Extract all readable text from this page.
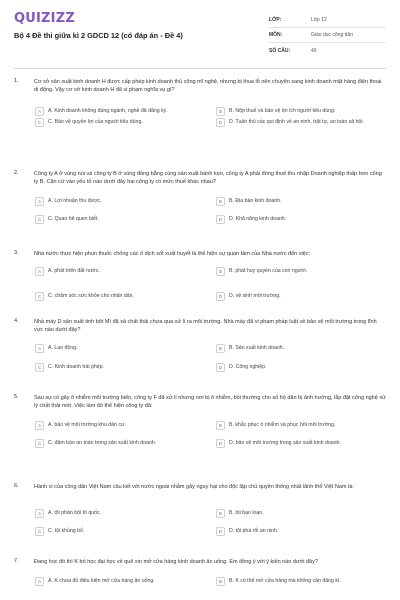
QUIZIZZ
Bộ 4 Đề thi giữa kì 2 GDCD 12 (có đáp án - Đề 4)
LỚP:	Lớp 12
MÔN:	Giáo dục công dân
SỐ CÂU:	40
1.	Cơ sở sản xuất kinh doanh H được cấp phép kinh doanh thủ công mĩ nghệ, nhưng bị thua lỗ nên chuyển sang kinh doanh mặt hàng điện thoại di động. Vậy cơ sở kinh doanh H đã vi phạm nghĩa vụ gì?
A	A. Kinh doanh không đúng ngành, nghề đã đăng ký.	B	B. Nộp thuế và bảo vệ lợi ích người tiêu dùng.
C	C. Bảo vệ quyền lợi của người tiêu dùng.	D	D. Tuân thủ các qui định về an ninh, trật tự, an toàn xã hội.
2.	Công ty A ở vùng núi và công ty B ở vùng đồng bằng cùng sản xuất bánh kẹo, công ty A phải đóng thuế thu nhập Doanh nghiệp thấp hơn công ty B. Căn cứ vào yếu tố nào dưới đây hai công ty có mức thuế khác nhau?
A	A. Lợi nhuận thu được.	B	B. Địa bàn kinh doanh.
C	C. Quan hệ quen biết.	D	D. Khả năng kinh doanh.
3.	Nhà nước thực hiện phun thuốc chống các ổ dịch sốt xuất huyết là thể hiện sự quan tâm của Nhà nước đến việc:
A	A. phát triển đất nước.	B	B. phát huy quyền của con người.
C	C. chăm sóc sức khỏe cho nhân dân.	D	D. vệ sinh môi trường.
4.	Nhà máy D sản xuất tinh bột Mì đã xả chất thải chưa qua xử lí ra môi trường. Nhà máy đã vi phạm pháp luật về bảo vệ môi trường trong lĩnh vực nào dưới đây?
A	A. Lao động.	B	B. Sản xuất kinh doanh.
C	C. Kinh doanh trái phép.	D	D. Công nghiệp.
5.	Sau sự cố gây ô nhiễm môi trường biển, công ty F đã xử lí nhưng nơi bị ô nhiễm, bồi thường cho số hộ dân bị ảnh hưởng, lắp đặt công nghệ xử lý chất thải mới. Việc làm đó thể hiện công ty đã:
A	A. bảo vệ môi trường khu dân cư.	B	B. khắc phục ô nhiễm và phục hồi môi trường.
C	C. đảm bảo an toàn trong sản xuất kinh doanh.	D	D. bảo vệ môi trường trong sản xuất kinh doanh.
6.	Hành vi của công dân Việt Nam câu kết với nước ngoài nhằm gây nguy hại cho độc lập chủ quyền thống nhất lãnh thổ Việt Nam là:
A	A. tội phản bội tổ quốc.	B	B. tội bạo loạn.
C	C. tội khủng bố.	D	D. tội phá rối an ninh.
7.	Đang học đó thì K bỏ học đại học về quê xin mở cửa hàng kinh doanh ăn uống. Em đồng ý với ý kiến nào dưới đây?
A	A. K chưa đủ điều kiện mở cửa hàng ăn uống.	B	B. K có thể mở cửa hàng mà không cần đăng kí.
